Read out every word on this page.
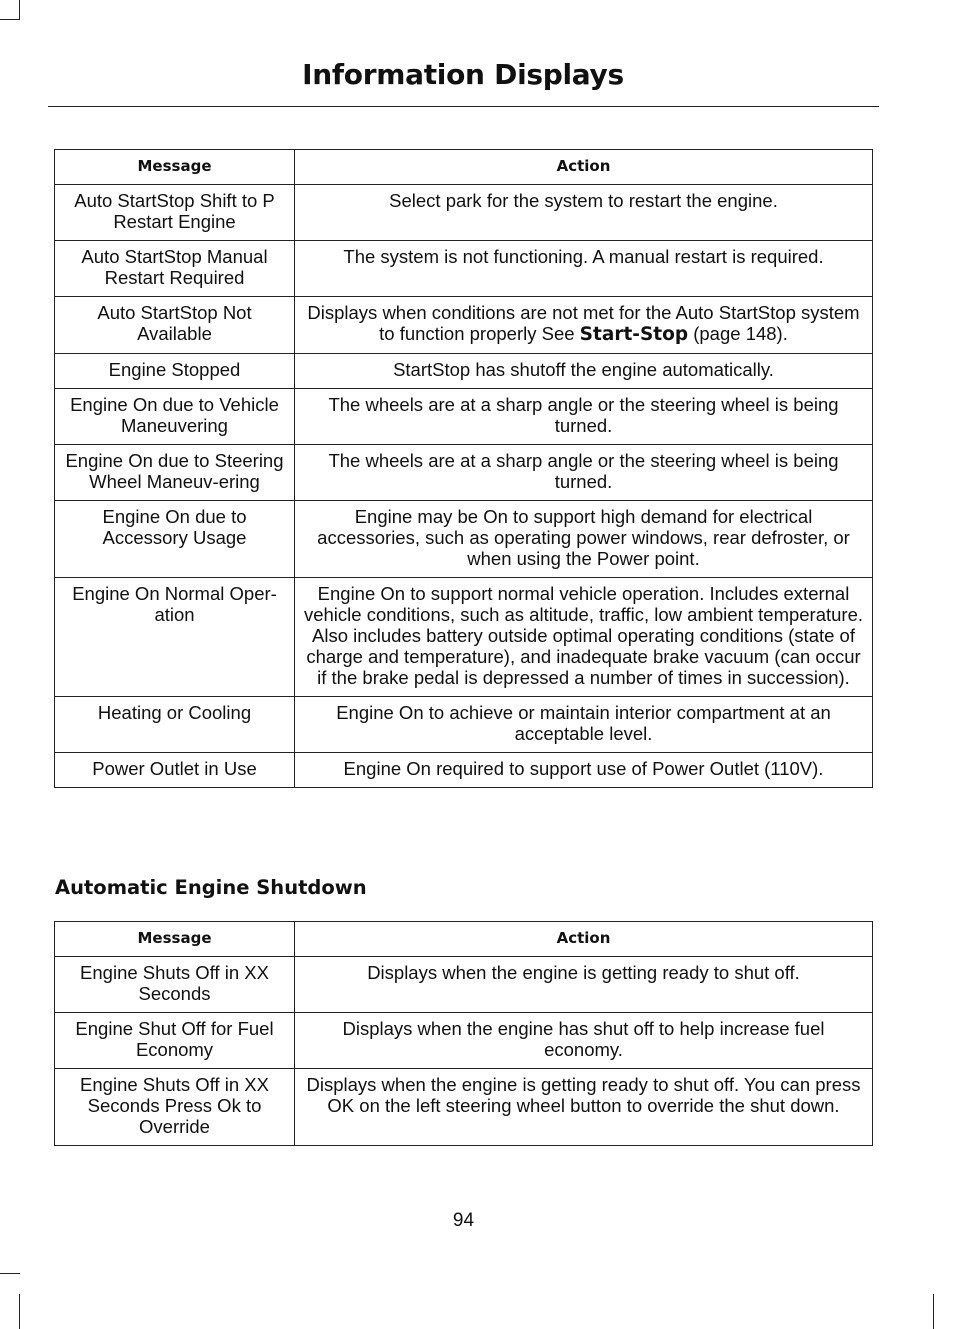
Information Displays
Message	Action
Auto StartStop Shift to P Restart Engine	Select park for the system to restart the engine.
Auto StartStop Manual Restart Required	The system is not functioning. A manual restart is required.
Auto StartStop Not Available	Displays when conditions are not met for the Auto StartStop system to function properly See Start-Stop (page 148).
Engine Stopped	StartStop has shutoff the engine automatically.
Engine On due to Vehicle Maneuvering	The wheels are at a sharp angle or the steering wheel is being turned.
Engine On due to Steering Wheel Maneuv-ering	The wheels are at a sharp angle or the steering wheel is being turned.
Engine On due to Accessory Usage	Engine may be On to support high demand for electrical accessories, such as operating power windows, rear defroster, or when using the Power point.
Engine On Normal Oper-ation	Engine On to support normal vehicle operation. Includes external vehicle conditions, such as altitude, traffic, low ambient temperature. Also includes battery outside optimal operating conditions (state of charge and temperature), and inadequate brake vacuum (can occur if the brake pedal is depressed a number of times in succession).
Heating or Cooling	Engine On to achieve or maintain interior compartment at an acceptable level.
Power Outlet in Use	Engine On required to support use of Power Outlet (110V).
Automatic Engine Shutdown
Message	Action
Engine Shuts Off in XX Seconds	Displays when the engine is getting ready to shut off.
Engine Shut Off for Fuel Economy	Displays when the engine has shut off to help increase fuel economy.
Engine Shuts Off in XX Seconds Press Ok to Override	Displays when the engine is getting ready to shut off. You can press OK on the left steering wheel button to override the shut down.
94
